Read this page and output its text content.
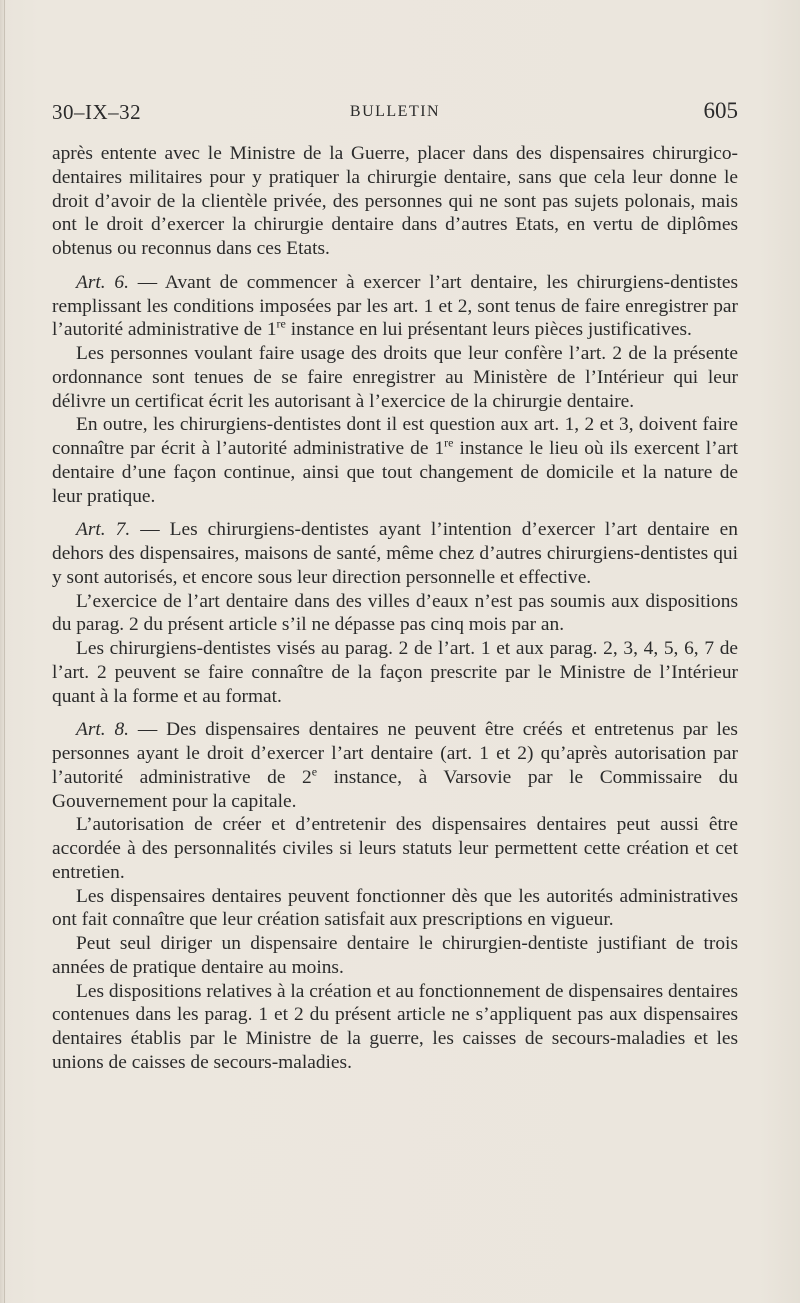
30–IX–32	BULLETIN	605

après entente avec le Ministre de la Guerre, placer dans des dispensaires chirurgico-dentaires militaires pour y pratiquer la chirurgie dentaire, sans que cela leur donne le droit d’avoir de la clientèle privée, des personnes qui ne sont pas sujets polonais, mais ont le droit d’exercer la chirurgie dentaire dans d’autres Etats, en vertu de diplômes obtenus ou reconnus dans ces Etats.

Art. 6. — Avant de commencer à exercer l’art dentaire, les chirurgiens-dentistes remplissant les conditions imposées par les art. 1 et 2, sont tenus de faire enregistrer par l’autorité administrative de 1re instance en lui présentant leurs pièces justificatives.

Les personnes voulant faire usage des droits que leur confère l’art. 2 de la présente ordonnance sont tenues de se faire enregistrer au Ministère de l’Intérieur qui leur délivre un certificat écrit les autorisant à l’exercice de la chirurgie dentaire.

En outre, les chirurgiens-dentistes dont il est question aux art. 1, 2 et 3, doivent faire connaître par écrit à l’autorité administrative de 1re instance le lieu où ils exercent l’art dentaire d’une façon continue, ainsi que tout changement de domicile et la nature de leur pratique.

Art. 7. — Les chirurgiens-dentistes ayant l’intention d’exercer l’art dentaire en dehors des dispensaires, maisons de santé, même chez d’autres chirurgiens-dentistes qui y sont autorisés, et encore sous leur direction personnelle et effective.

L’exercice de l’art dentaire dans des villes d’eaux n’est pas soumis aux dispositions du parag. 2 du présent article s’il ne dépasse pas cinq mois par an.

Les chirurgiens-dentistes visés au parag. 2 de l’art. 1 et aux parag. 2, 3, 4, 5, 6, 7 de l’art. 2 peuvent se faire connaître de la façon prescrite par le Ministre de l’Intérieur quant à la forme et au format.

Art. 8. — Des dispensaires dentaires ne peuvent être créés et entretenus par les personnes ayant le droit d’exercer l’art dentaire (art. 1 et 2) qu’après autorisation par l’autorité administrative de 2e instance, à Varsovie par le Commissaire du Gouvernement pour la capitale.

L’autorisation de créer et d’entretenir des dispensaires dentaires peut aussi être accordée à des personnalités civiles si leurs statuts leur permettent cette création et cet entretien.

Les dispensaires dentaires peuvent fonctionner dès que les autorités administratives ont fait connaître que leur création satisfait aux prescriptions en vigueur.

Peut seul diriger un dispensaire dentaire le chirurgien-dentiste justifiant de trois années de pratique dentaire au moins.

Les dispositions relatives à la création et au fonctionnement de dispensaires dentaires contenues dans les parag. 1 et 2 du présent article ne s’appliquent pas aux dispensaires dentaires établis par le Ministre de la guerre, les caisses de secours-maladies et les unions de caisses de secours-maladies.
